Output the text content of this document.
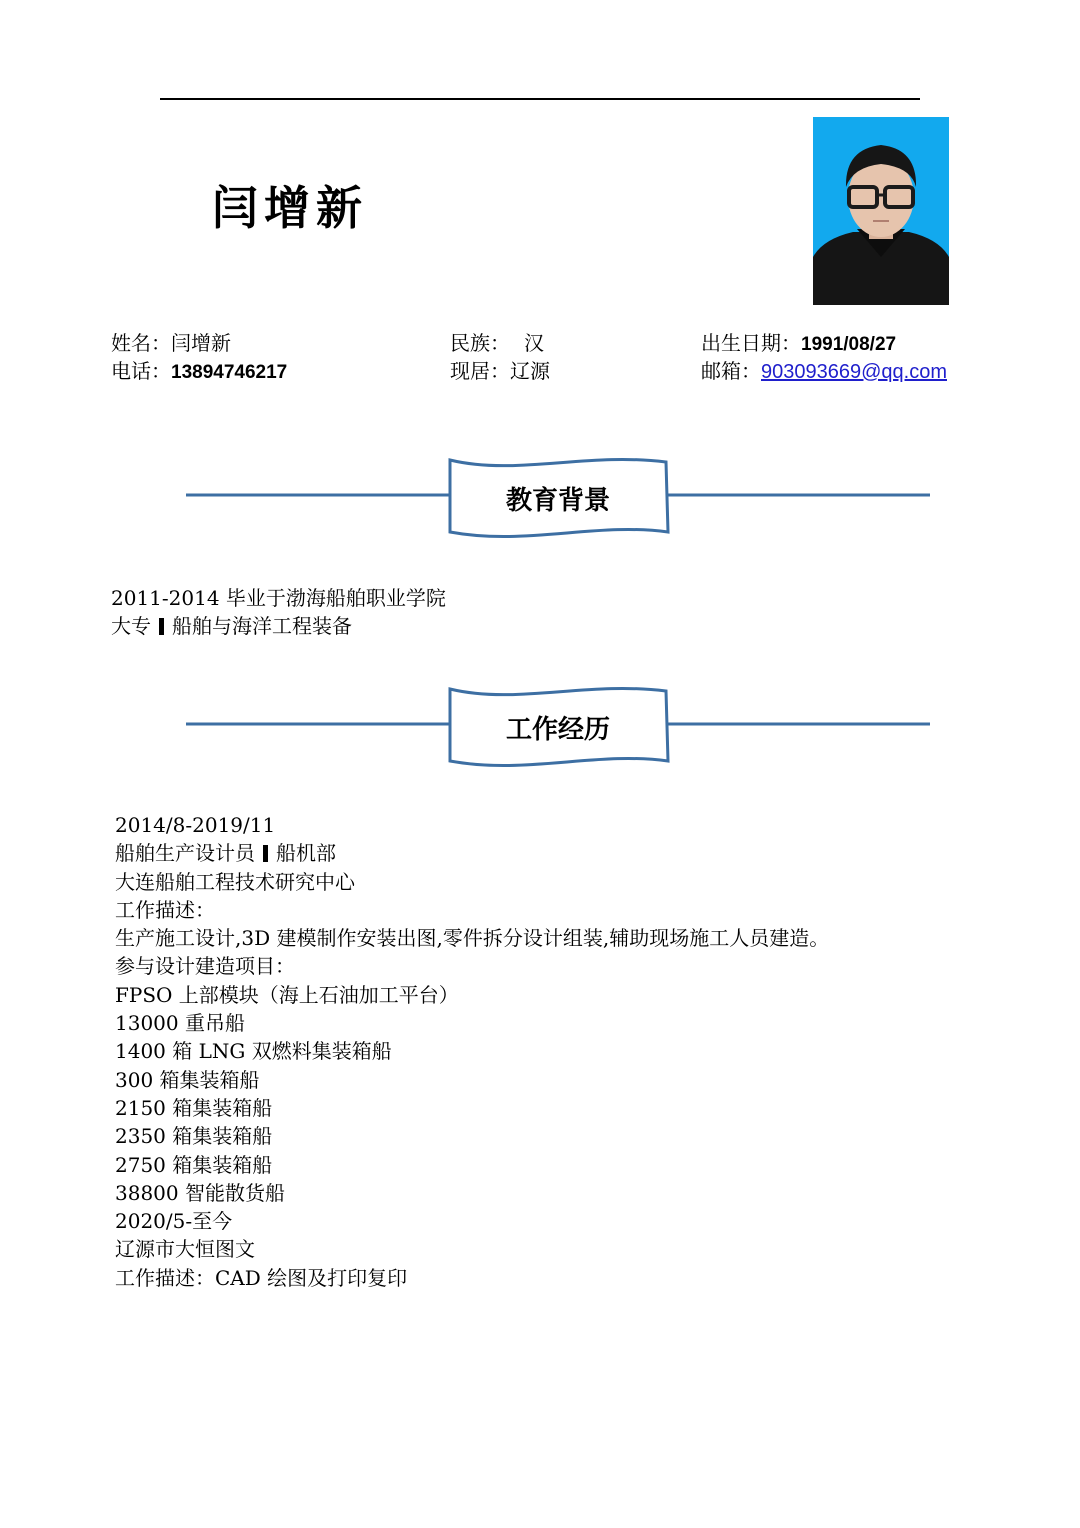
闫增新
姓名：闫增新	民族： 汉	出生日期：1991/08/27
电话：13894746217	现居：辽源	邮箱：903093669@qq.com
教育背景
2011-2014 毕业于渤海船舶职业学院
大专 船舶与海洋工程装备
工作经历
2014/8-2019/11
船舶生产设计员 船机部
大连船舶工程技术研究中心
工作描述：
生产施工设计,3D 建模制作安装出图,零件拆分设计组装,辅助现场施工人员建造。
参与设计建造项目：
FPSO 上部模块（海上石油加工平台）
13000 重吊船
1400 箱 LNG 双燃料集装箱船
300 箱集装箱船
2150 箱集装箱船
2350 箱集装箱船
2750 箱集装箱船
38800 智能散货船
2020/5-至今
辽源市大恒图文
工作描述：CAD 绘图及打印复印
